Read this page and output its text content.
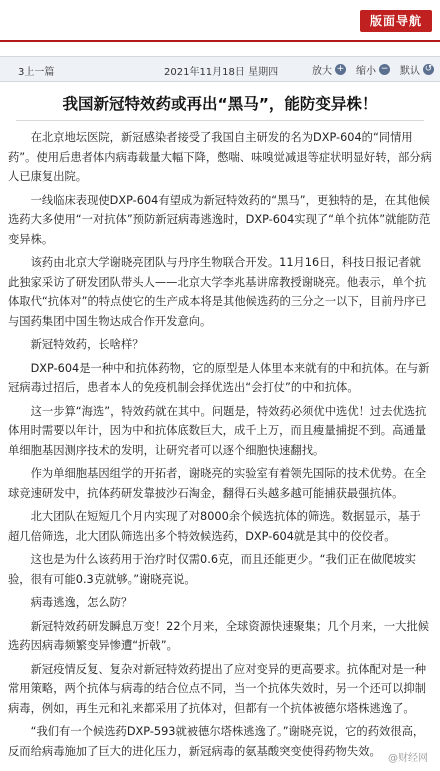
版面导航
3上一篇	2021年11月18日 星期四	放大 + 缩小 − 默认 ↺
我国新冠特效药或再出“黑马”，能防变异株！

在北京地坛医院，新冠感染者接受了我国自主研发的名为DXP-604的“同情用药”。使用后患者体内病毒载量大幅下降，憋喘、味嗅觉减退等症状明显好转，部分病人已康复出院。

一线临床表现使DXP-604有望成为新冠特效药的“黑马”，更独特的是，在其他候选药大多使用“一对抗体”预防新冠病毒逃逸时，DXP-604实现了“单个抗体”就能防范变异株。

该药由北京大学谢晓亮团队与丹序生物联合开发。11月16日，科技日报记者就此独家采访了研发团队带头人——北京大学李兆基讲席教授谢晓亮。他表示，单个抗体取代“抗体对”的特点使它的生产成本将是其他候选药的三分之一以下，目前丹序已与国药集团中国生物达成合作开发意向。

新冠特效药，长啥样？

DXP-604是一种中和抗体药物，它的原型是人体里本来就有的中和抗体。在与新冠病毒过招后，患者本人的免疫机制会择优选出“会打仗”的中和抗体。

这一步算“海选”，特效药就在其中。问题是，特效药必须优中选优！过去优选抗体用时需要以年计，因为中和抗体底数巨大，成千上万，而且瘦量捕捉不到。高通量单细胞基因测序技术的发明，让研究者可以逐个细胞快速翻找。

作为单细胞基因组学的开拓者，谢晓亮的实验室有着领先国际的技术优势。在全球竞速研发中，抗体药研发靠披沙石淘金，翻得石头越多越可能捕获最强抗体。

北大团队在短短几个月内实现了对8000余个候选抗体的筛选。数据显示，基于超几倍筛选，北大团队筛选出多个特效候选药，DXP-604就是其中的佼佼者。

这也是为什么该药用于治疗时仅需0.6克，而且还能更少。“我们正在做爬坡实验，很有可能0.3克就够。”谢晓亮说。

病毒逃逸，怎么防？

新冠特效药研发瞬息万变！22个月来，全球资源快速聚集；几个月来，一大批候选药因病毒频繁变异惨遭“折戟”。

新冠疫情反复、复杂对新冠特效药提出了应对变异的更高要求。抗体配对是一种常用策略，两个抗体与病毒的结合位点不同，当一个抗体失效时，另一个还可以抑制病毒，例如，再生元和礼来都采用了抗体对，但都有一个抗体被德尔塔株逃逸了。

“我们有一个候选药DXP-593就被德尔塔株逃逸了。”谢晓亮说，它的药效很高，反而给病毒施加了巨大的进化压力，新冠病毒的氨基酸突变使得药物失效。

@财经网
